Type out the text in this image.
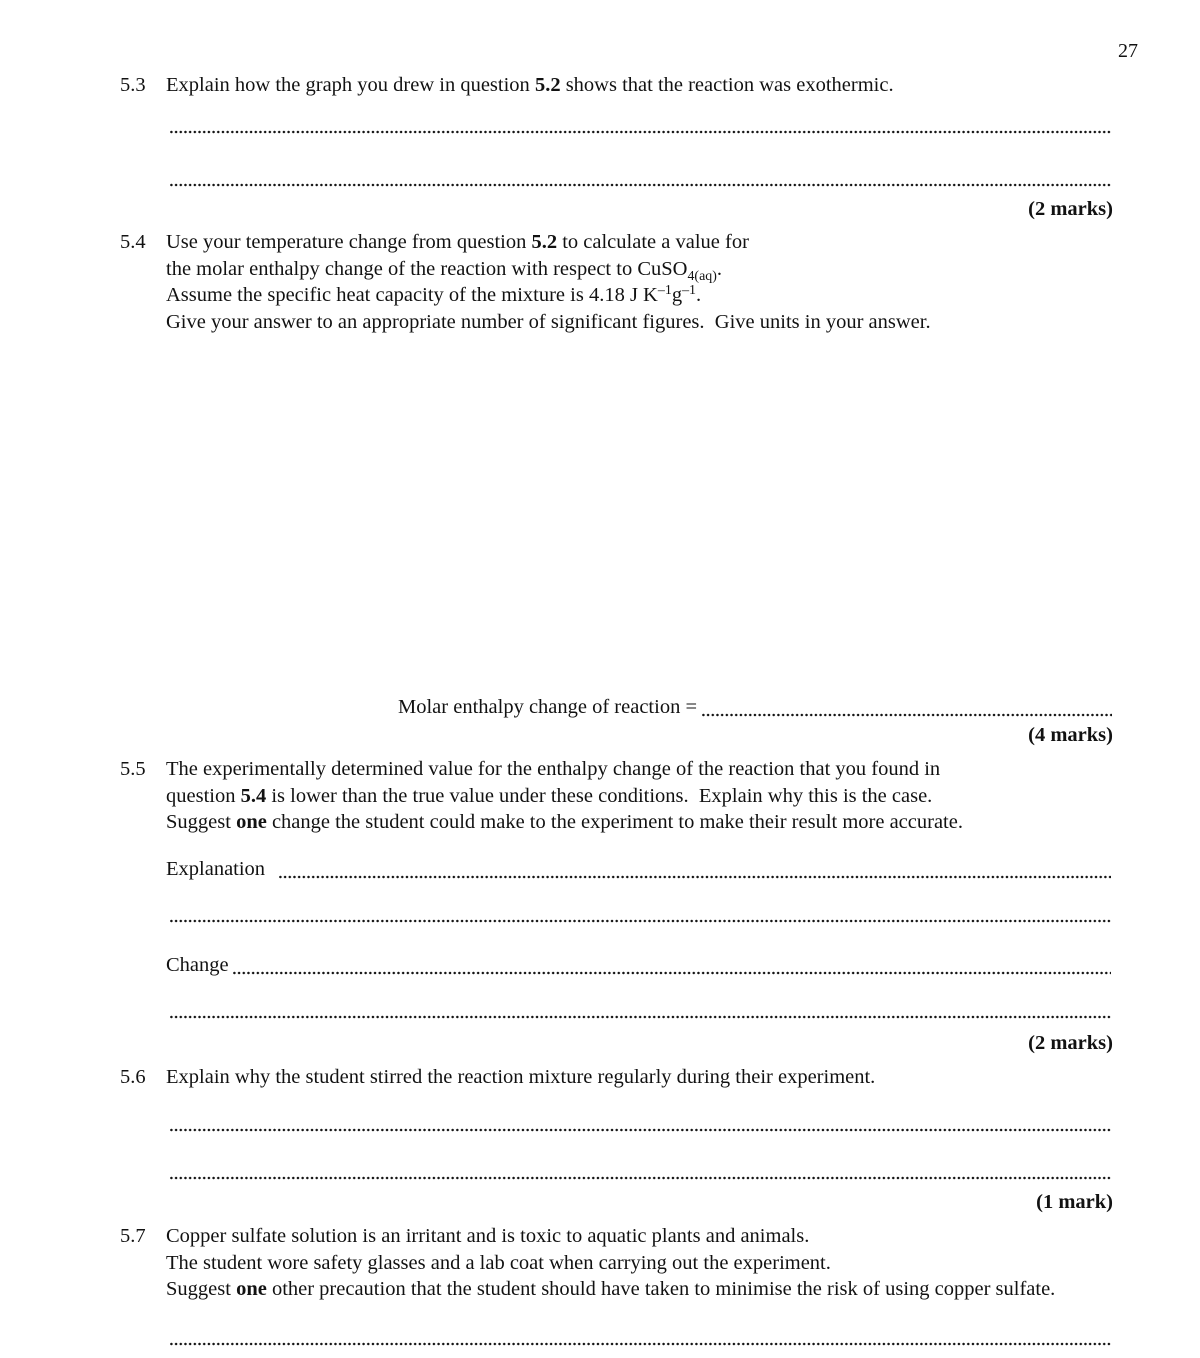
27
5.3 Explain how the graph you drew in question 5.2 shows that the reaction was exothermic.
(2 marks)
5.4 Use your temperature change from question 5.2 to calculate a value for
the molar enthalpy change of the reaction with respect to CuSO$_{4(aq)}$.
Assume the specific heat capacity of the mixture is 4.18 J $K^{-1}g^{-1}$.
Give your answer to an appropriate number of significant figures.  Give units in your answer.
Molar enthalpy change of reaction =
(4 marks)
5.5 The experimentally determined value for the enthalpy change of the reaction that you found in
question 5.4 is lower than the true value under these conditions.  Explain why this is the case.
Suggest one change the student could make to the experiment to make their result more accurate.
Explanation
Change
(2 marks)
5.6 Explain why the student stirred the reaction mixture regularly during their experiment.
(1 mark)
5.7 Copper sulfate solution is an irritant and is toxic to aquatic plants and animals.
The student wore safety glasses and a lab coat when carrying out the experiment.
Suggest one other precaution that the student should have taken to minimise the risk of using copper sulfate.
